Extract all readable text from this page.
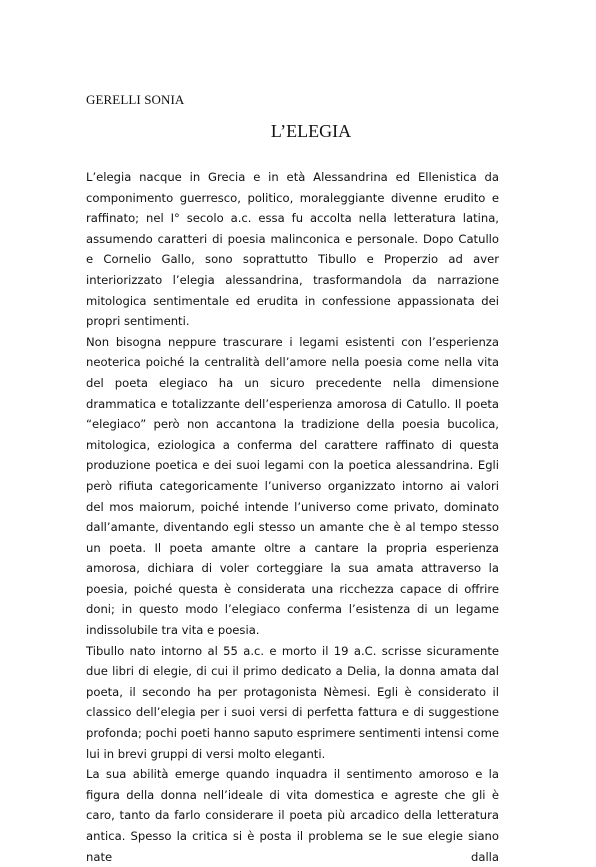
GERELLI SONIA
L’ELEGIA

L’elegia nacque in Grecia e in età Alessandrina ed Ellenistica da componimento guerresco, politico, moraleggiante divenne erudito e raffinato; nel I° secolo a.c. essa fu accolta nella letteratura latina, assumendo caratteri di poesia malinconica e personale. Dopo Catullo e Cornelio Gallo, sono soprattutto Tibullo e Properzio ad aver interiorizzato l’elegia alessandrina, trasformandola da narrazione mitologica sentimentale ed erudita in confessione appassionata dei propri sentimenti.

Non bisogna neppure trascurare i legami esistenti con l’esperienza neoterica poiché la centralità dell’amore nella poesia come nella vita del poeta elegiaco ha un sicuro precedente nella dimensione drammatica e totalizzante dell’esperienza amorosa di Catullo. Il poeta “elegiaco” però non accantona la tradizione della poesia bucolica, mitologica, eziologica a conferma del carattere raffinato di questa produzione poetica e dei suoi legami con la poetica alessandrina. Egli però rifiuta categoricamente l’universo organizzato intorno ai valori del mos maiorum, poiché intende l’universo come privato, dominato dall’amante, diventando egli stesso un amante che è al tempo stesso un poeta. Il poeta amante oltre a cantare la propria esperienza amorosa, dichiara di voler corteggiare la sua amata attraverso la poesia, poiché questa è considerata una ricchezza capace di offrire doni; in questo modo l’elegiaco conferma l’esistenza di un legame indissolubile tra vita e poesia.

Tibullo nato intorno al 55 a.c. e morto il 19 a.C. scrisse sicuramente due libri di elegie, di cui il primo dedicato a Delia, la donna amata dal poeta, il secondo ha per protagonista Nèmesi. Egli è considerato il classico dell’elegia per i suoi versi di perfetta fattura e di suggestione profonda; pochi poeti hanno saputo esprimere sentimenti intensi come lui in brevi gruppi di versi molto eleganti.

La sua abilità emerge quando inquadra il sentimento amoroso e la figura della donna nell’ideale di vita domestica e agreste che gli è caro, tanto da farlo considerare il poeta più arcadico della letteratura antica. Spesso la critica si è posta il problema se le sue elegie siano nate dalla
